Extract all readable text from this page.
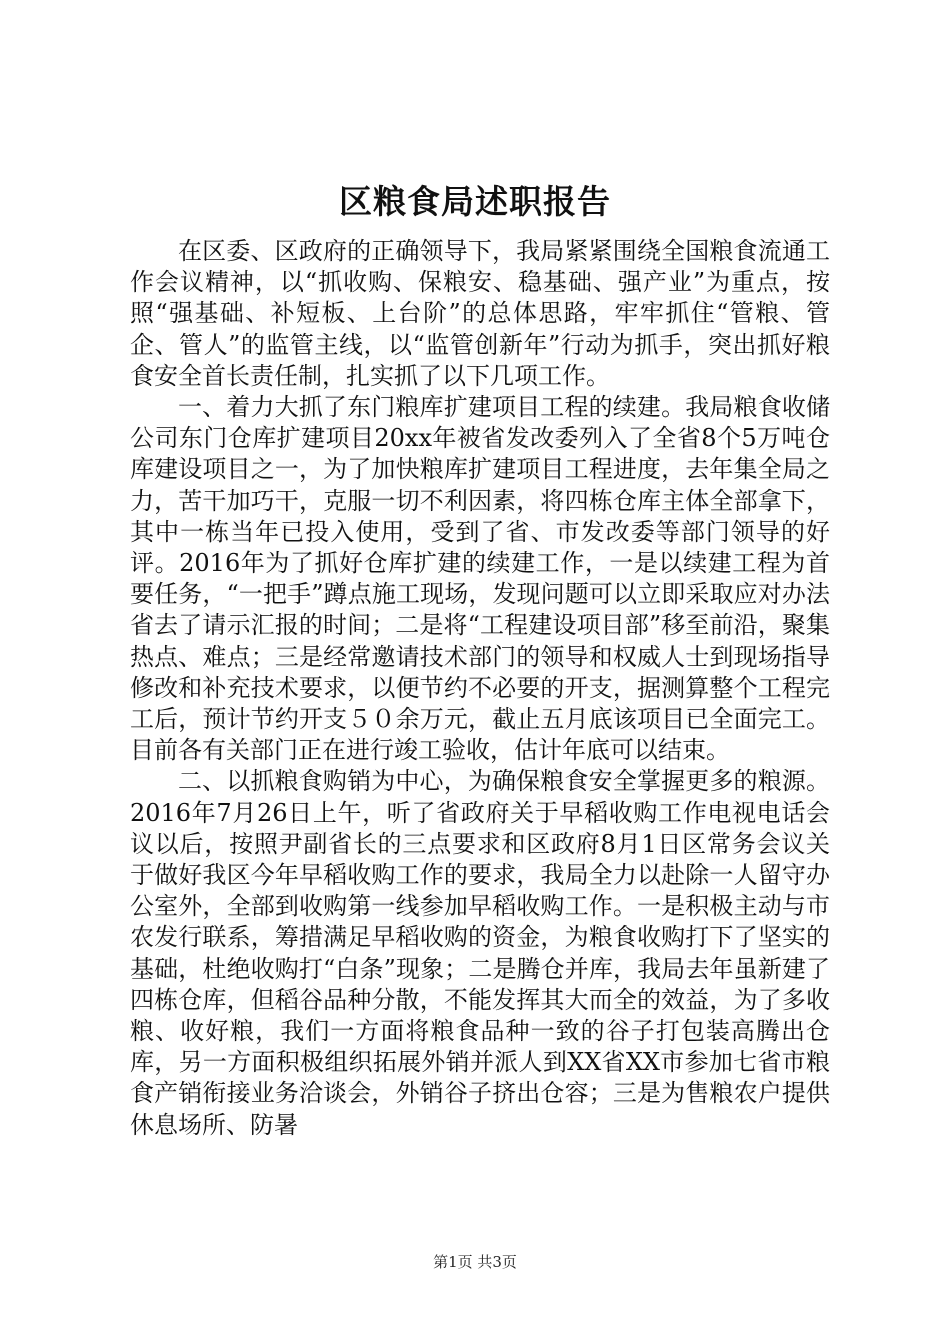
区粮食局述职报告

在区委、区政府的正确领导下，我局紧紧围绕全国粮食流通工作会议精神，以“抓收购、保粮安、稳基础、强产业”为重点，按照“强基础、补短板、上台阶”的总体思路，牢牢抓住“管粮、管企、管人”的监管主线，以“监管创新年”行动为抓手，突出抓好粮食安全首长责任制，扎实抓了以下几项工作。

一、着力大抓了东门粮库扩建项目工程的续建。我局粮食收储公司东门仓库扩建项目20xx年被省发改委列入了全省8个5万吨仓库建设项目之一，为了加快粮库扩建项目工程进度，去年集全局之力，苦干加巧干，克服一切不利因素，将四栋仓库主体全部拿下，其中一栋当年已投入使用，受到了省、市发改委等部门领导的好评。2016年为了抓好仓库扩建的续建工作，一是以续建工程为首要任务，“一把手”蹲点施工现场，发现问题可以立即采取应对办法省去了请示汇报的时间；二是将“工程建设项目部”移至前沿，聚集热点、难点；三是经常邀请技术部门的领导和权威人士到现场指导修改和补充技术要求，以便节约不必要的开支，据测算整个工程完工后，预计节约开支５０余万元，截止五月底该项目已全面完工。目前各有关部门正在进行竣工验收，估计年底可以结束。

二、以抓粮食购销为中心，为确保粮食安全掌握更多的粮源。2016年7月26日上午，听了省政府关于早稻收购工作电视电话会议以后，按照尹副省长的三点要求和区政府8月1日区常务会议关于做好我区今年早稻收购工作的要求，我局全力以赴除一人留守办公室外，全部到收购第一线参加早稻收购工作。一是积极主动与市农发行联系，筹措满足早稻收购的资金，为粮食收购打下了坚实的基础，杜绝收购打“白条”现象；二是腾仓并库，我局去年虽新建了四栋仓库，但稻谷品种分散，不能发挥其大而全的效益，为了多收粮、收好粮，我们一方面将粮食品种一致的谷子打包装高腾出仓库，另一方面积极组织拓展外销并派人到XX省XX市参加七省市粮食产销衔接业务洽谈会，外销谷子挤出仓容；三是为售粮农户提供休息场所、防暑

第1页 共3页
